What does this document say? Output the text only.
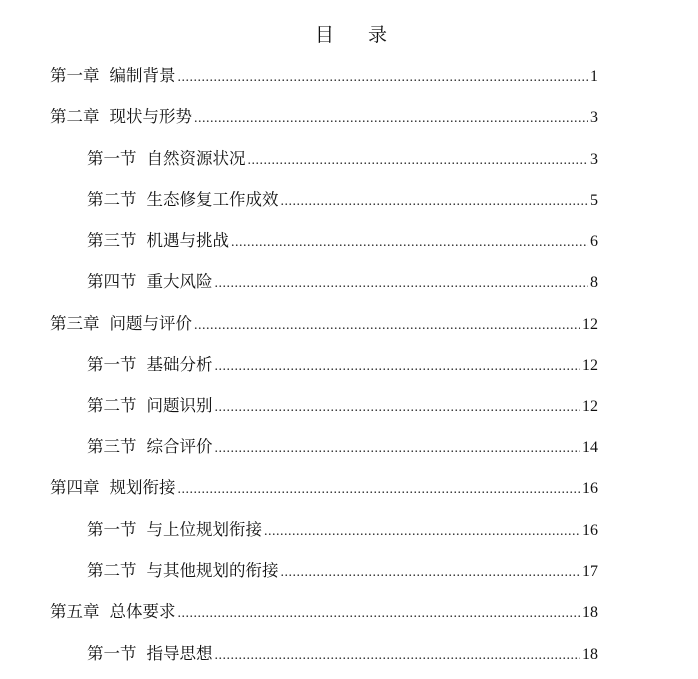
目 录
第一章 编制背景 .....	1
第二章 现状与形势 .....	3
第一节 自然资源状况 .....	3
第二节 生态修复工作成效 .....	5
第三节 机遇与挑战 .....	6
第四节 重大风险 .....	8
第三章 问题与评价 .....	12
第一节 基础分析 .....	12
第二节 问题识别 .....	12
第三节 综合评价 .....	14
第四章 规划衔接 .....	16
第一节 与上位规划衔接 .....	16
第二节 与其他规划的衔接 .....	17
第五章 总体要求 .....	18
第一节 指导思想 .....	18
